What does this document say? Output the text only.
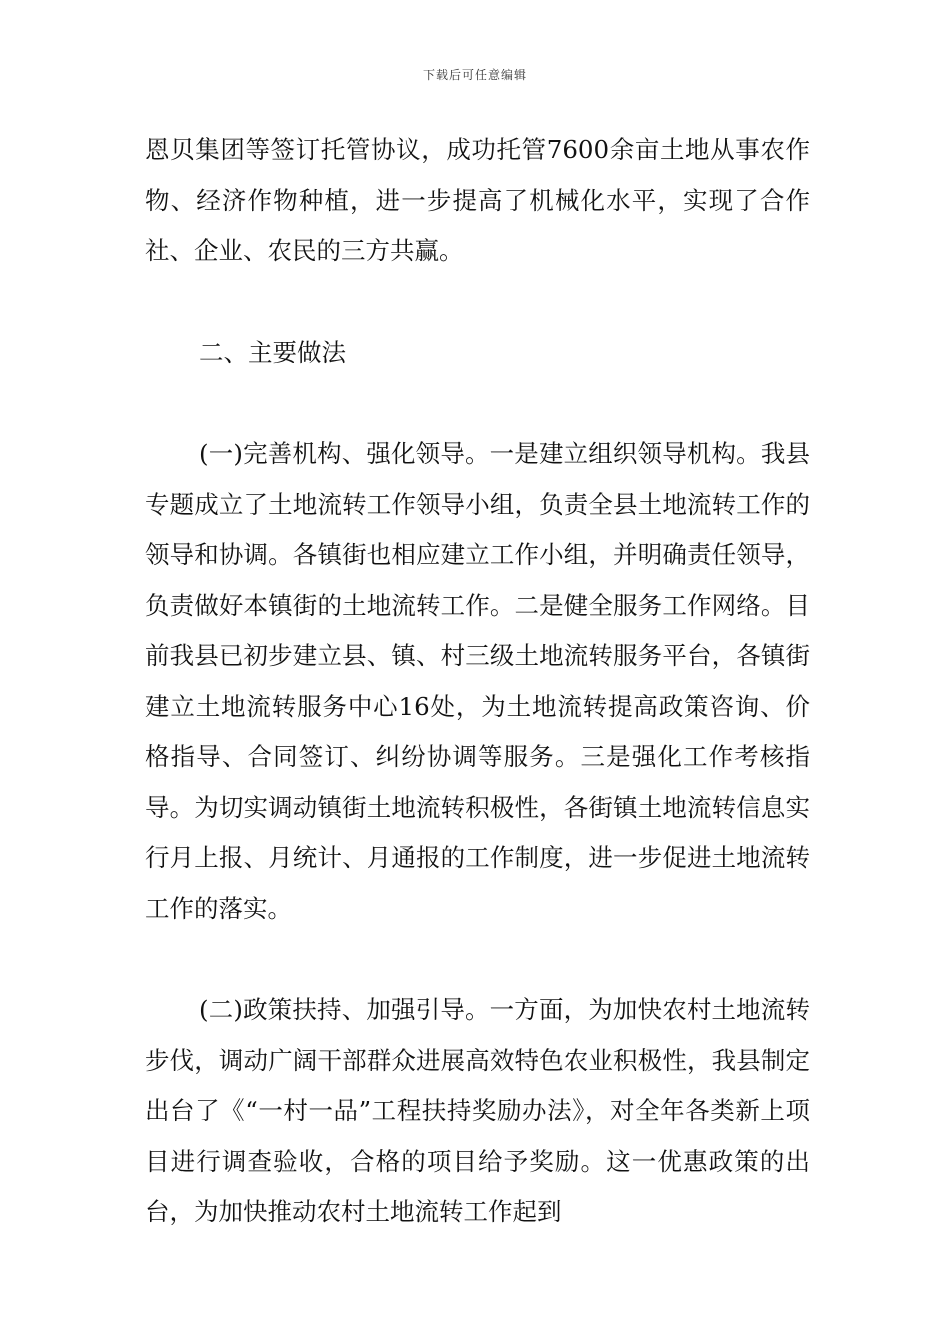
下载后可任意编辑

恩贝集团等签订托管协议，成功托管7600余亩土地从事农作物、经济作物种植，进一步提高了机械化水平，实现了合作社、企业、农民的三方共赢。

二、主要做法

(一)完善机构、强化领导。一是建立组织领导机构。我县专题成立了土地流转工作领导小组，负责全县土地流转工作的领导和协调。各镇街也相应建立工作小组，并明确责任领导，负责做好本镇街的土地流转工作。二是健全服务工作网络。目前我县已初步建立县、镇、村三级土地流转服务平台，各镇街建立土地流转服务中心16处，为土地流转提高政策咨询、价格指导、合同签订、纠纷协调等服务。三是强化工作考核指导。为切实调动镇街土地流转积极性，各街镇土地流转信息实行月上报、月统计、月通报的工作制度，进一步促进土地流转工作的落实。

(二)政策扶持、加强引导。一方面，为加快农村土地流转步伐，调动广阔干部群众进展高效特色农业积极性，我县制定出台了《“一村一品”工程扶持奖励办法》，对全年各类新上项目进行调查验收，合格的项目给予奖励。这一优惠政策的出台，为加快推动农村土地流转工作起到
